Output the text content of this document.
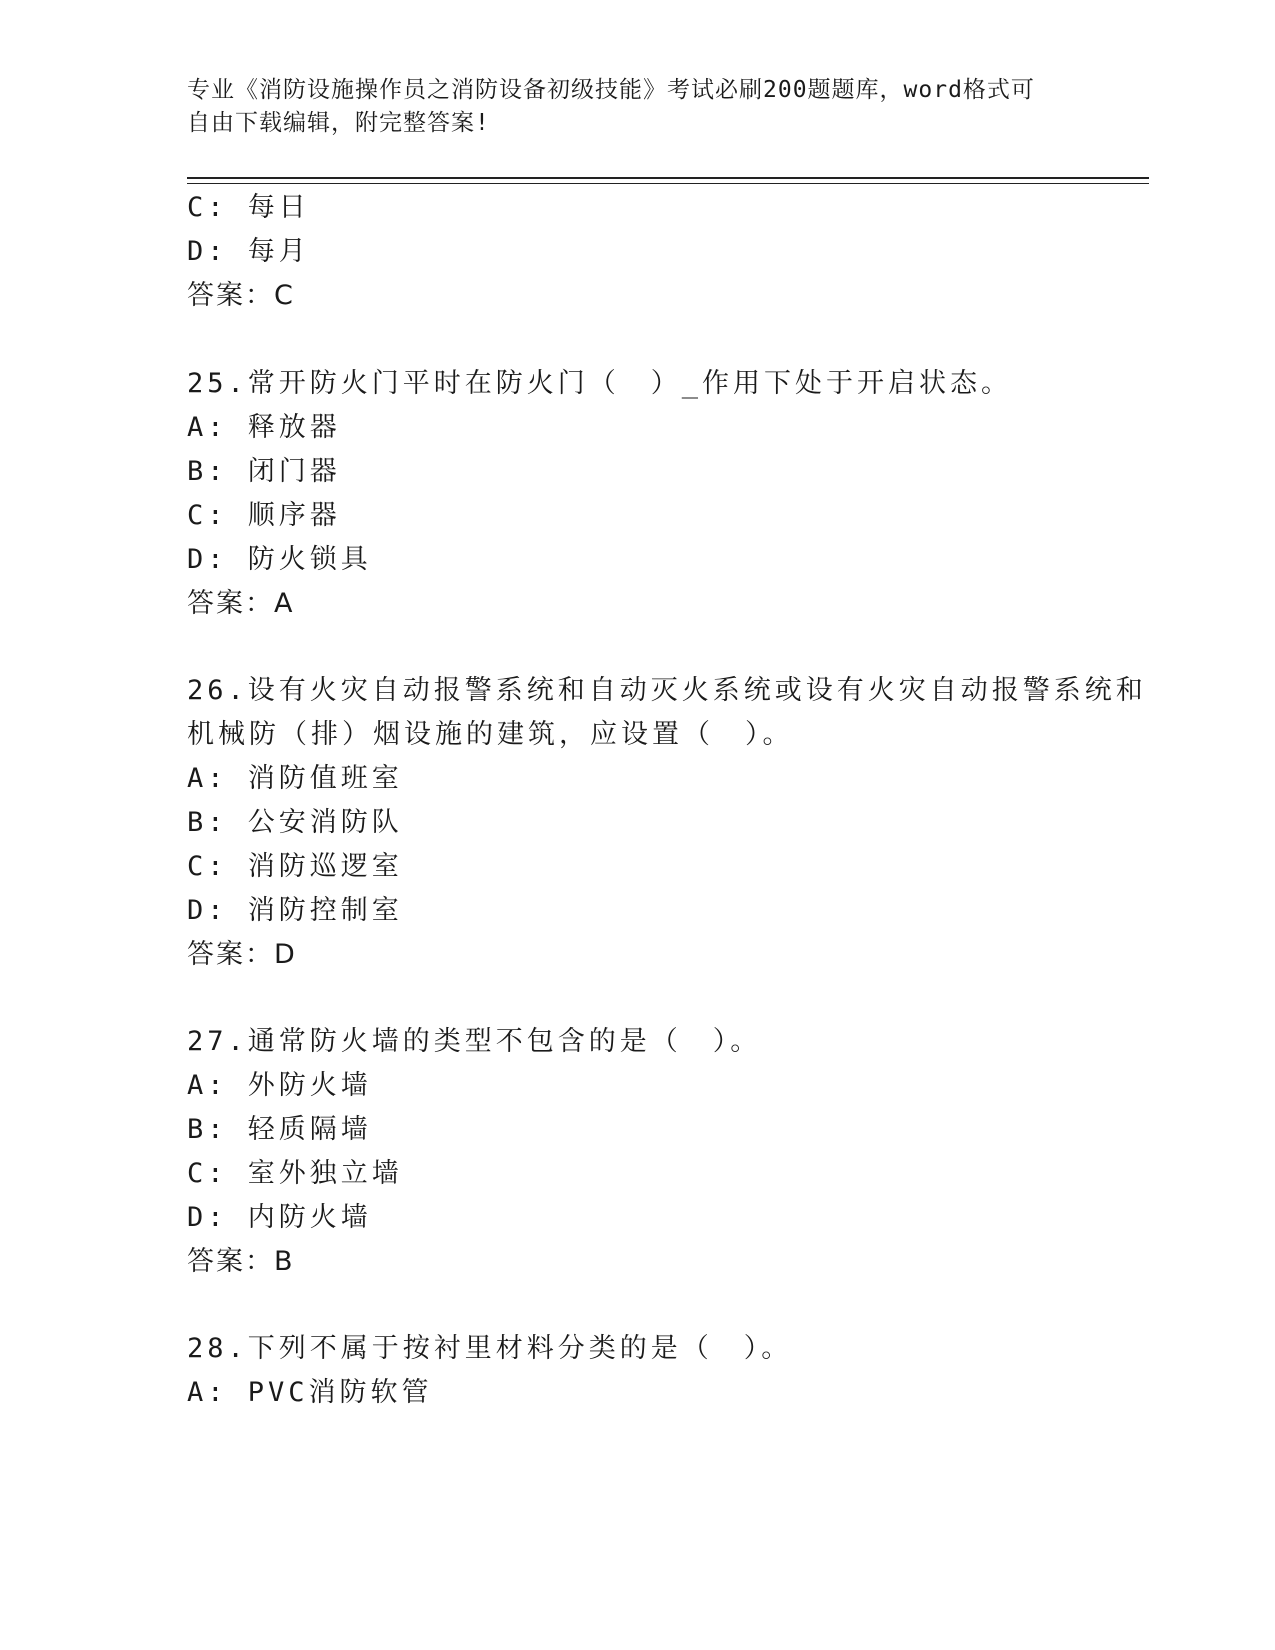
专业《消防设施操作员之消防设备初级技能》考试必刷200题题库，word格式可
自由下载编辑，附完整答案!
C: 每日
D: 每月
答案：C
25.常开防火门平时在防火门（　）_作用下处于开启状态。
A: 释放器
B: 闭门器
C: 顺序器
D: 防火锁具
答案：A
26.设有火灾自动报警系统和自动灭火系统或设有火灾自动报警系统和
机械防（排）烟设施的建筑，应设置（　）。
A: 消防值班室
B: 公安消防队
C: 消防巡逻室
D: 消防控制室
答案：D
27.通常防火墙的类型不包含的是（　）。
A: 外防火墙
B: 轻质隔墙
C: 室外独立墙
D: 内防火墙
答案：B
28.下列不属于按衬里材料分类的是（　）。
A: PVC消防软管
